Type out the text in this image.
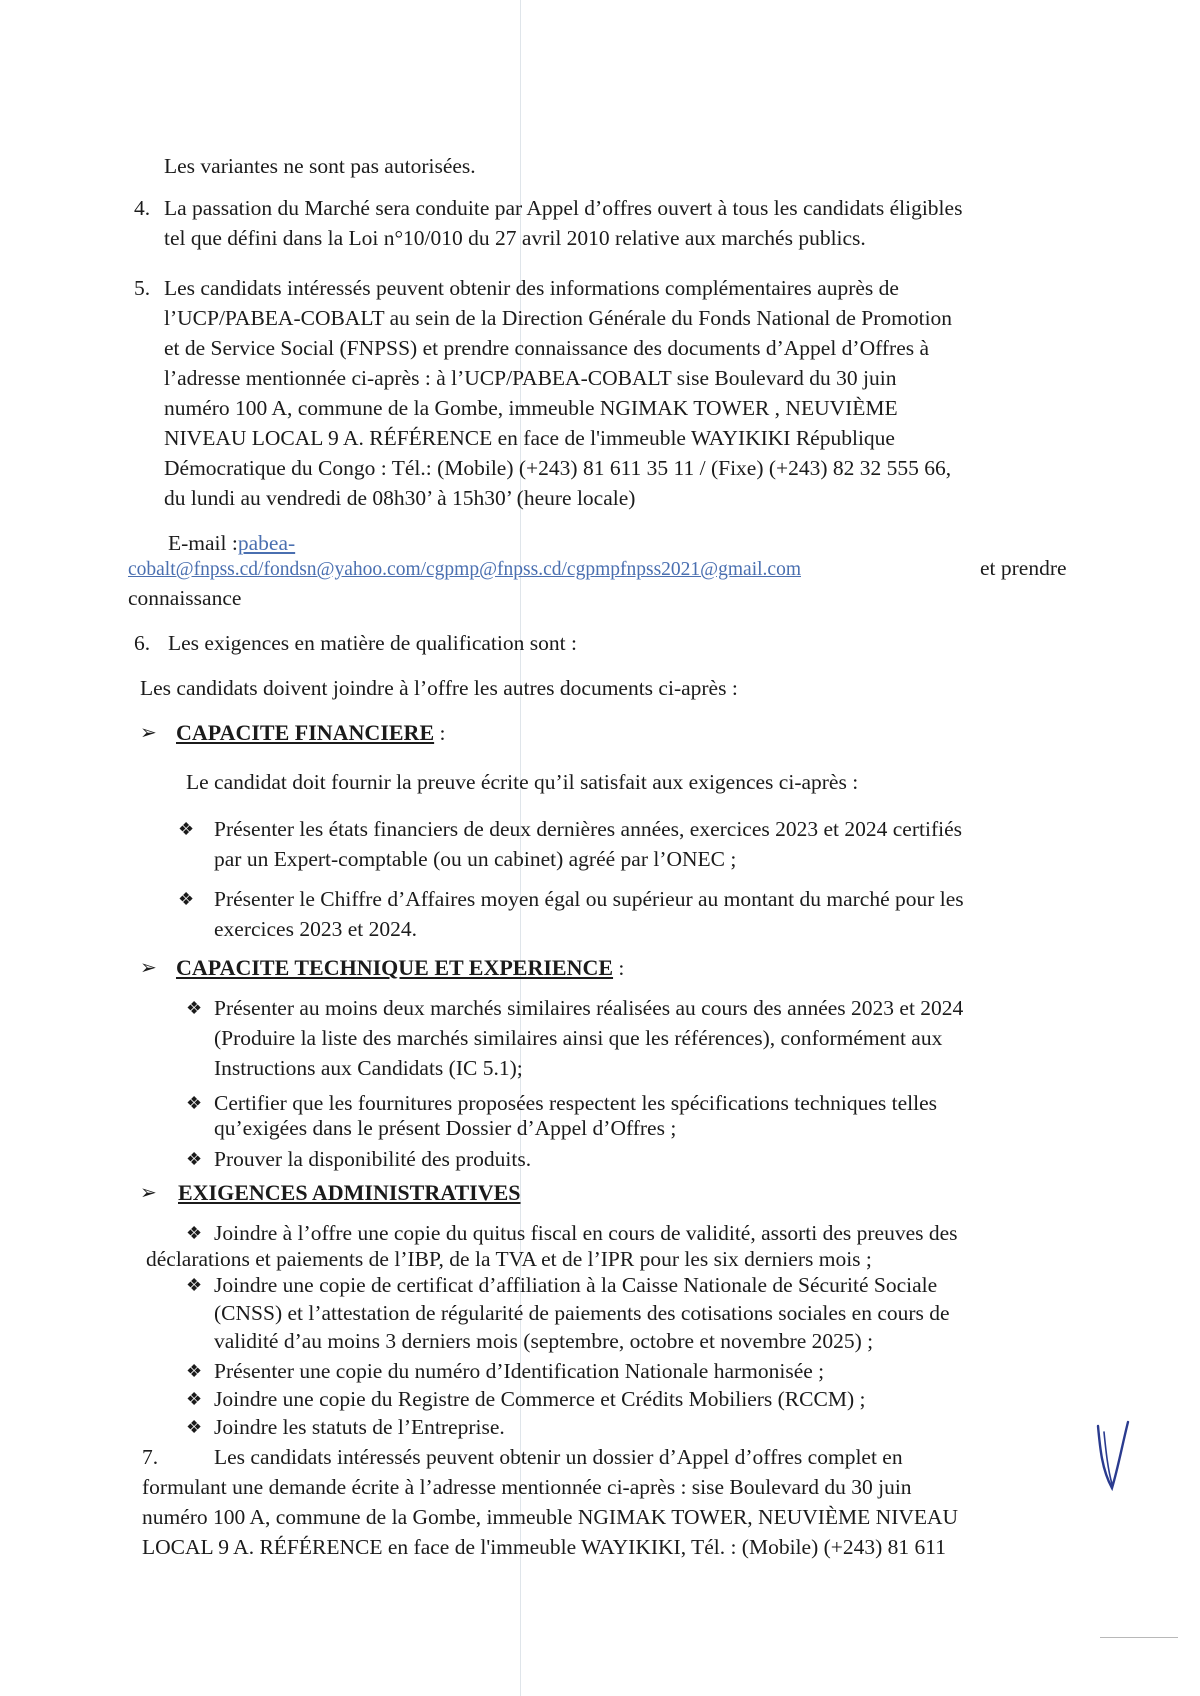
Les variantes ne sont pas autorisées.
4. La passation du Marché sera conduite par Appel d’offres ouvert à tous les candidats éligibles
tel que défini dans la Loi n°10/010 du 27 avril 2010 relative aux marchés publics.
5. Les candidats intéressés peuvent obtenir des informations complémentaires auprès de
l’UCP/PABEA-COBALT au sein de la Direction Générale du Fonds National de Promotion
et de Service Social (FNPSS) et prendre connaissance des documents d’Appel d’Offres à
l’adresse mentionnée ci-après : à l’UCP/PABEA-COBALT sise Boulevard du 30 juin
numéro 100 A, commune de la Gombe, immeuble NGIMAK TOWER , NEUVIÈME
NIVEAU LOCAL 9 A. RÉFÉRENCE en face de l'immeuble WAYIKIKI République
Démocratique du Congo : Tél.: (Mobile) (+243) 81 611 35 11 / (Fixe) (+243) 82 32 555 66,
du lundi au vendredi de 08h30’ à 15h30’ (heure locale)
E-mail :pabea-
cobalt@fnpss.cd/fondsn@yahoo.com/cgpmp@fnpss.cd/cgpmpfnpss2021@gmail.com	et prendre
connaissance
6. Les exigences en matière de qualification sont :
Les candidats doivent joindre à l’offre les autres documents ci-après :
➢ CAPACITE FINANCIERE :
Le candidat doit fournir la preuve écrite qu’il satisfait aux exigences ci-après :
❖ Présenter les états financiers de deux dernières années, exercices 2023 et 2024 certifiés
par un Expert-comptable (ou un cabinet) agréé par l’ONEC ;
❖ Présenter le Chiffre d’Affaires moyen égal ou supérieur au montant du marché pour les
exercices 2023 et 2024.
➢ CAPACITE TECHNIQUE ET EXPERIENCE :
❖ Présenter au moins deux marchés similaires réalisées au cours des années 2023 et 2024
(Produire la liste des marchés similaires ainsi que les références), conformément aux
Instructions aux Candidats (IC 5.1);
❖ Certifier que les fournitures proposées respectent les spécifications techniques telles
qu’exigées dans le présent Dossier d’Appel d’Offres ;
❖ Prouver la disponibilité des produits.
➢ EXIGENCES ADMINISTRATIVES
❖ Joindre à l’offre une copie du quitus fiscal en cours de validité, assorti des preuves des
déclarations et paiements de l’IBP, de la TVA et de l’IPR pour les six derniers mois ;
❖ Joindre une copie de certificat d’affiliation à la Caisse Nationale de Sécurité Sociale
(CNSS) et l’attestation de régularité de paiements des cotisations sociales en cours de
validité d’au moins 3 derniers mois (septembre, octobre et novembre 2025) ;
❖ Présenter une copie du numéro d’Identification Nationale harmonisée ;
❖ Joindre une copie du Registre de Commerce et Crédits Mobiliers (RCCM) ;
❖ Joindre les statuts de l’Entreprise.
7.	Les candidats intéressés peuvent obtenir un dossier d’Appel d’offres complet en
formulant une demande écrite à l’adresse mentionnée ci-après : sise Boulevard du 30 juin
numéro 100 A, commune de la Gombe, immeuble NGIMAK TOWER, NEUVIÈME NIVEAU
LOCAL 9 A. RÉFÉRENCE en face de l'immeuble WAYIKIKI, Tél. : (Mobile) (+243) 81 611
